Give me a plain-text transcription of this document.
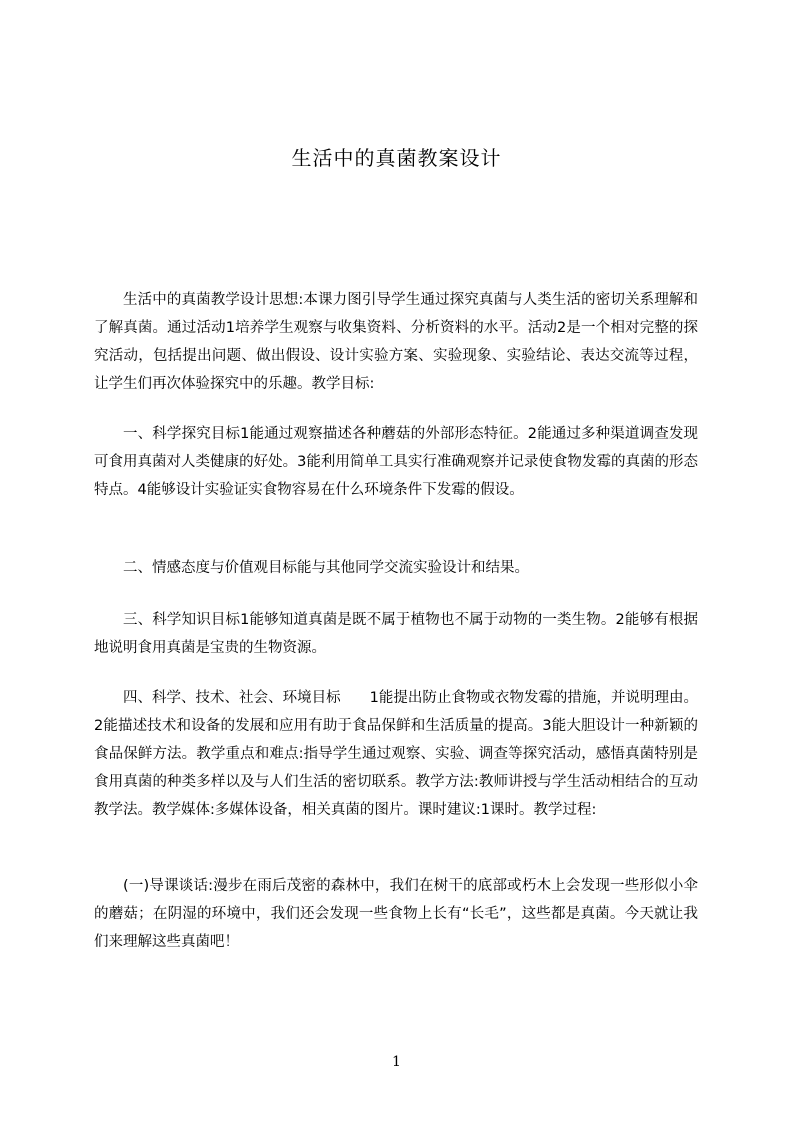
生活中的真菌教案设计

生活中的真菌教学设计思想:本课力图引导学生通过探究真菌与人类生活的密切关系理解和了解真菌。通过活动1培养学生观察与收集资料、分析资料的水平。活动2是一个相对完整的探究活动，包括提出问题、做出假设、设计实验方案、实验现象、实验结论、表达交流等过程，让学生们再次体验探究中的乐趣。教学目标:

一、科学探究目标1能通过观察描述各种蘑菇的外部形态特征。2能通过多种渠道调查发现可食用真菌对人类健康的好处。3能利用简单工具实行准确观察并记录使食物发霉的真菌的形态特点。4能够设计实验证实食物容易在什么环境条件下发霉的假设。

二、情感态度与价值观目标能与其他同学交流实验设计和结果。

三、科学知识目标1能够知道真菌是既不属于植物也不属于动物的一类生物。2能够有根据地说明食用真菌是宝贵的生物资源。

四、科学、技术、社会、环境目标　　1能提出防止食物或衣物发霉的措施，并说明理由。2能描述技术和设备的发展和应用有助于食品保鲜和生活质量的提高。3能大胆设计一种新颖的食品保鲜方法。教学重点和难点:指导学生通过观察、实验、调查等探究活动，感悟真菌特别是食用真菌的种类多样以及与人们生活的密切联系。教学方法:教师讲授与学生活动相结合的互动教学法。教学媒体:多媒体设备，相关真菌的图片。课时建议:1课时。教学过程:

(一)导课谈话:漫步在雨后茂密的森林中，我们在树干的底部或朽木上会发现一些形似小伞的蘑菇；在阴湿的环境中，我们还会发现一些食物上长有“长毛”，这些都是真菌。今天就让我们来理解这些真菌吧！

1
